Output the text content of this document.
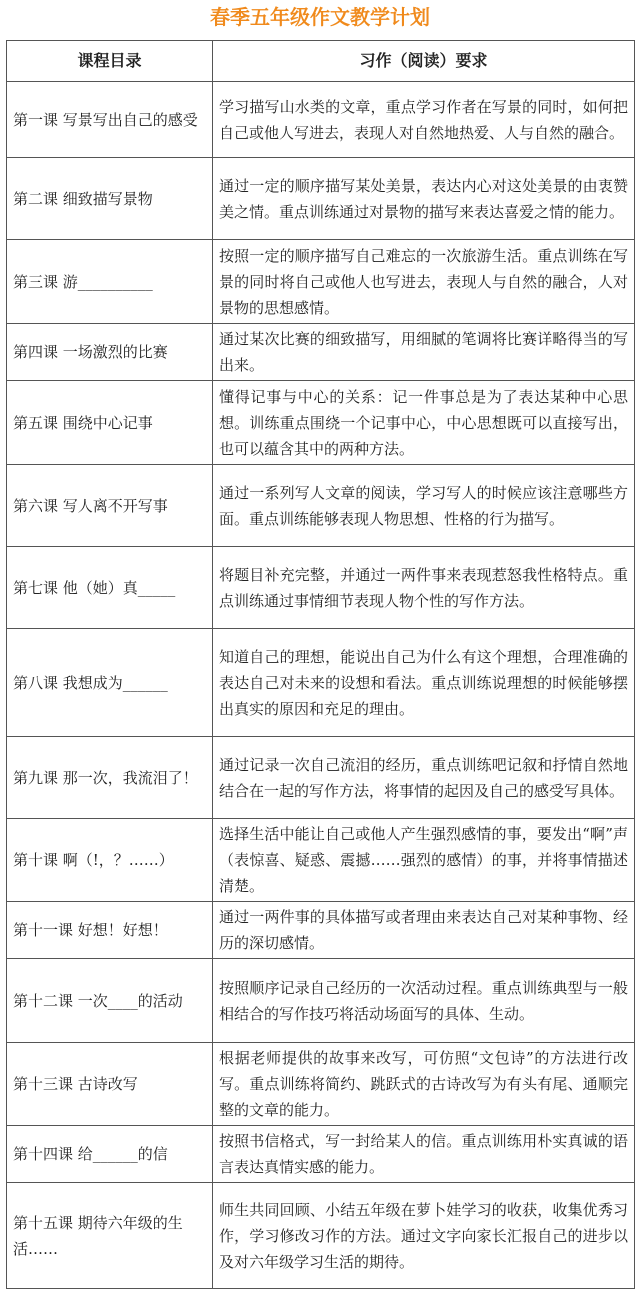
春季五年级作文教学计划
课程目录	习作（阅读）要求
第一课 写景写出自己的感受	学习描写山水类的文章，重点学习作者在写景的同时，如何把自己或他人写进去，表现人对自然地热爱、人与自然的融合。
第二课 细致描写景物	通过一定的顺序描写某处美景，表达内心对这处美景的由衷赞美之情。重点训练通过对景物的描写来表达喜爱之情的能力。
第三课 游__________	按照一定的顺序描写自己难忘的一次旅游生活。重点训练在写景的同时将自己或他人也写进去，表现人与自然的融合，人对景物的思想感情。
第四课 一场激烈的比赛	通过某次比赛的细致描写，用细腻的笔调将比赛详略得当的写出来。
第五课 围绕中心记事	懂得记事与中心的关系：记一件事总是为了表达某种中心思想。训练重点围绕一个记事中心，中心思想既可以直接写出，也可以蕴含其中的两种方法。
第六课 写人离不开写事	通过一系列写人文章的阅读，学习写人的时候应该注意哪些方面。重点训练能够表现人物思想、性格的行为描写。
第七课 他（她）真_____	将题目补充完整，并通过一两件事来表现惹怒我性格特点。重点训练通过事情细节表现人物个性的写作方法。
第八课 我想成为______	知道自己的理想，能说出自己为什么有这个理想，合理准确的表达自己对未来的设想和看法。重点训练说理想的时候能够摆出真实的原因和充足的理由。
第九课 那一次，我流泪了！	通过记录一次自己流泪的经历，重点训练吧记叙和抒情自然地结合在一起的写作方法，将事情的起因及自己的感受写具体。
第十课 啊（!，？……）	选择生活中能让自己或他人产生强烈感情的事，要发出“啊”声（表惊喜、疑惑、震撼……强烈的感情）的事，并将事情描述清楚。
第十一课 好想！好想！	通过一两件事的具体描写或者理由来表达自己对某种事物、经历的深切感情。
第十二课 一次____的活动	按照顺序记录自己经历的一次活动过程。重点训练典型与一般相结合的写作技巧将活动场面写的具体、生动。
第十三课 古诗改写	根据老师提供的故事来改写，可仿照“文包诗”的方法进行改写。重点训练将简约、跳跃式的古诗改写为有头有尾、通顺完整的文章的能力。
第十四课 给______的信	按照书信格式，写一封给某人的信。重点训练用朴实真诚的语言表达真情实感的能力。
第十五课 期待六年级的生活……	师生共同回顾、小结五年级在萝卜娃学习的收获，收集优秀习作，学习修改习作的方法。通过文字向家长汇报自己的进步以及对六年级学习生活的期待。
